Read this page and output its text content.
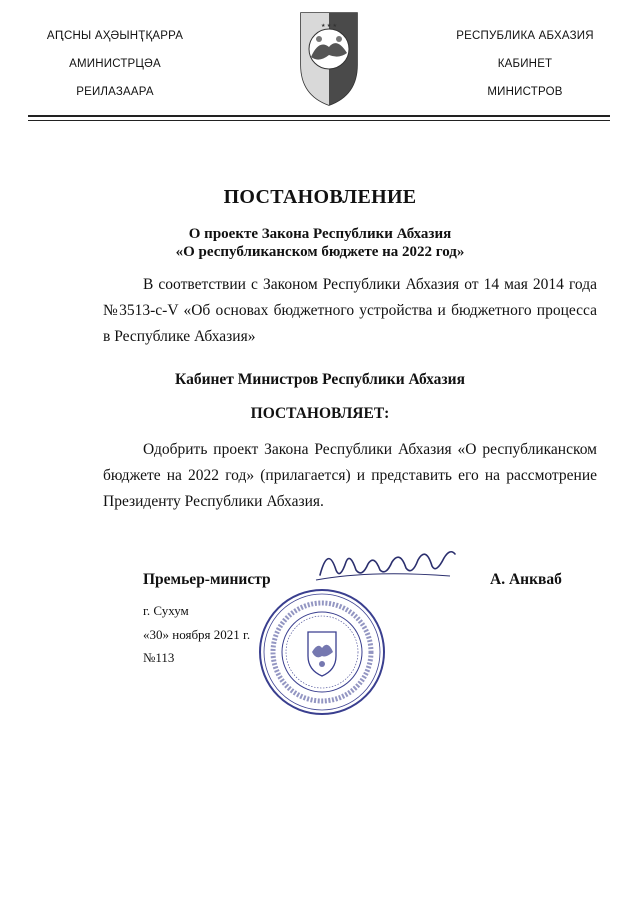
АԤСНЫ АҲӘЫНҬҚАРРА
АМИНИСТРЦӘА
РЕИЛАЗААРА
★ ★ ★
РЕСПУБЛИКА АБХАЗИЯ
КАБИНЕТ
МИНИСТРОВ
ПОСТАНОВЛЕНИЕ
О проекте Закона Республики Абхазия
«О республиканском бюджете на 2022 год»
В соответствии с Законом Республики Абхазия от 14 мая 2014 года №3513-с-V «Об основах бюджетного устройства и бюджетного процесса в Республике Абхазия»
Кабинет Министров Республики Абхазия
ПОСТАНОВЛЯЕТ:
Одобрить проект Закона Республики Абхазия «О республиканском бюджете на 2022 год» (прилагается) и представить его на рассмотрение Президенту Республики Абхазия.
Премьер-министр	А. Анкваб
г. Сухум
«30» ноября 2021 г.
№113
